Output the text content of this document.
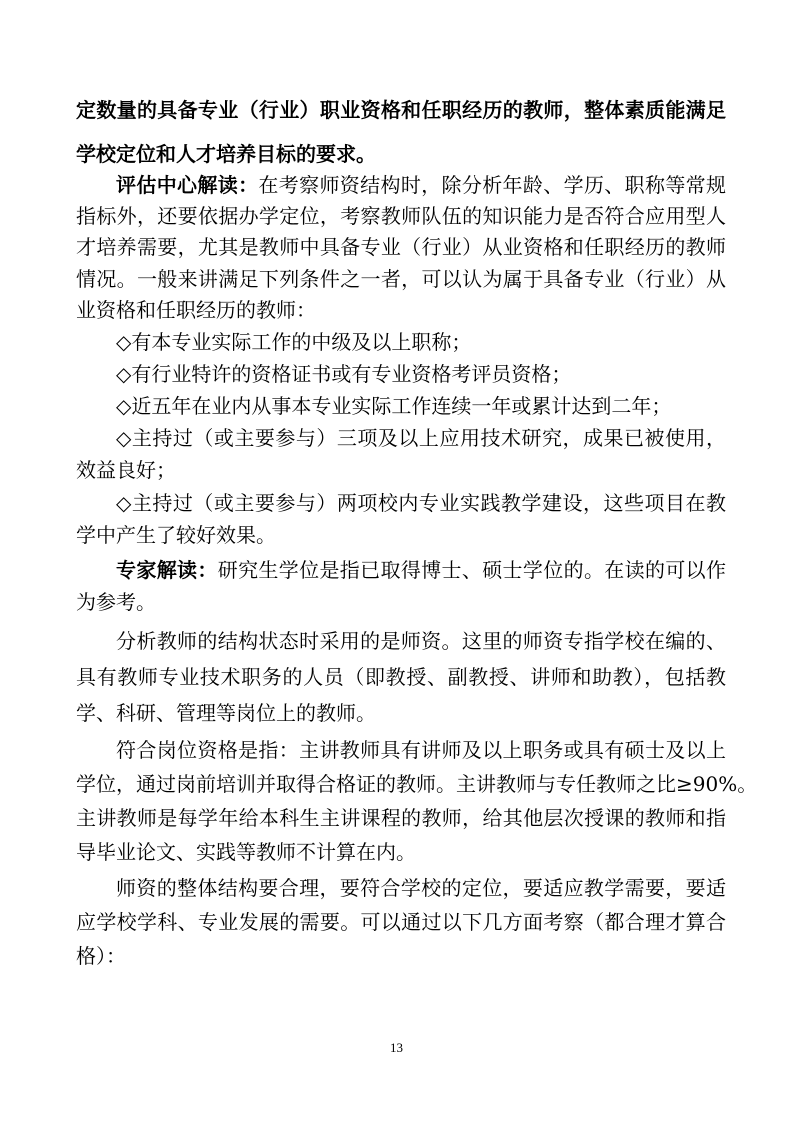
定数量的具备专业（行业）职业资格和任职经历的教师，整体素质能满足
学校定位和人才培养目标的要求。
评估中心解读：在考察师资结构时，除分析年龄、学历、职称等常规
指标外，还要依据办学定位，考察教师队伍的知识能力是否符合应用型人
才培养需要，尤其是教师中具备专业（行业）从业资格和任职经历的教师
情况。一般来讲满足下列条件之一者，可以认为属于具备专业（行业）从
业资格和任职经历的教师：
◇有本专业实际工作的中级及以上职称；
◇有行业特许的资格证书或有专业资格考评员资格；
◇近五年在业内从事本专业实际工作连续一年或累计达到二年；
◇主持过（或主要参与）三项及以上应用技术研究，成果已被使用，
效益良好；
◇主持过（或主要参与）两项校内专业实践教学建设，这些项目在教
学中产生了较好效果。
专家解读：研究生学位是指已取得博士、硕士学位的。在读的可以作
为参考。
分析教师的结构状态时采用的是师资。这里的师资专指学校在编的、
具有教师专业技术职务的人员（即教授、副教授、讲师和助教），包括教
学、科研、管理等岗位上的教师。
符合岗位资格是指：主讲教师具有讲师及以上职务或具有硕士及以上
学位，通过岗前培训并取得合格证的教师。主讲教师与专任教师之比≥90%。
主讲教师是每学年给本科生主讲课程的教师，给其他层次授课的教师和指
导毕业论文、实践等教师不计算在内。
师资的整体结构要合理，要符合学校的定位，要适应教学需要，要适
应学校学科、专业发展的需要。可以通过以下几方面考察（都合理才算合
格）：
13
